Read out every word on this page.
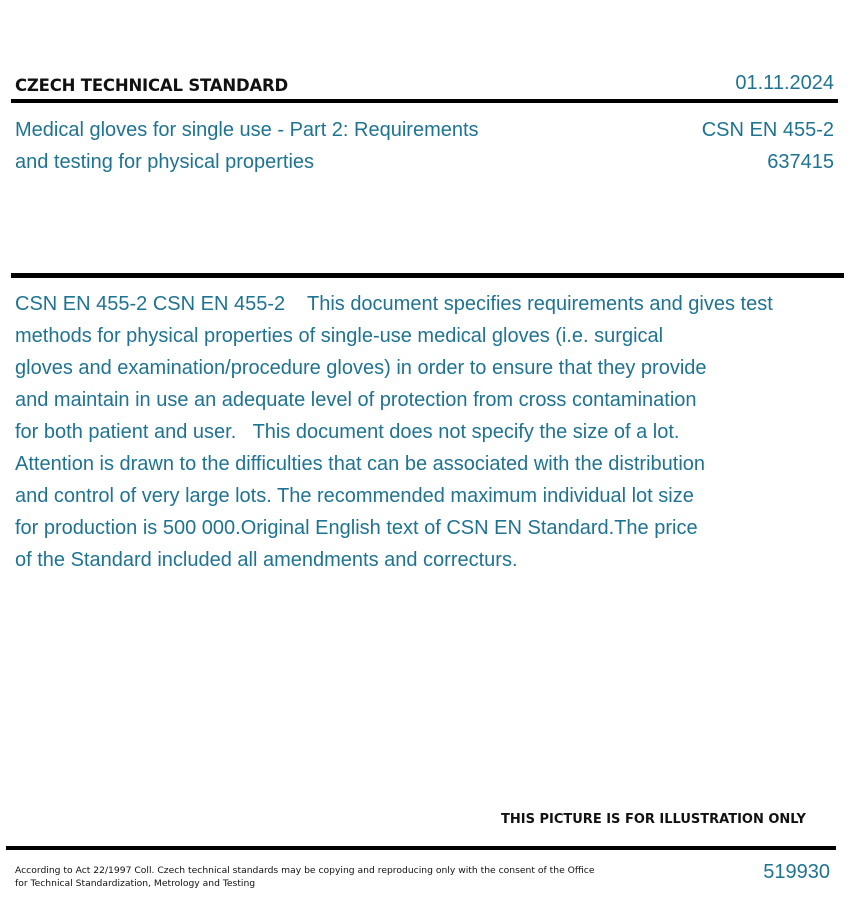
CZECH TECHNICAL STANDARD	01.11.2024
Medical gloves for single use - Part 2: Requirements
and testing for physical properties
CSN EN 455-2
637415
CSN EN 455-2 CSN EN 455-2    This document specifies requirements and gives test
methods for physical properties of single-use medical gloves (i.e. surgical
gloves and examination/procedure gloves) in order to ensure that they provide
and maintain in use an adequate level of protection from cross contamination
for both patient and user.   This document does not specify the size of a lot.
Attention is drawn to the difficulties that can be associated with the distribution
and control of very large lots. The recommended maximum individual lot size
for production is 500 000.Original English text of CSN EN Standard.The price
of the Standard included all amendments and correcturs.
THIS PICTURE IS FOR ILLUSTRATION ONLY
According to Act 22/1997 Coll. Czech technical standards may be copying and reproducing only with the consent of the Office
for Technical Standardization, Metrology and Testing
519930
